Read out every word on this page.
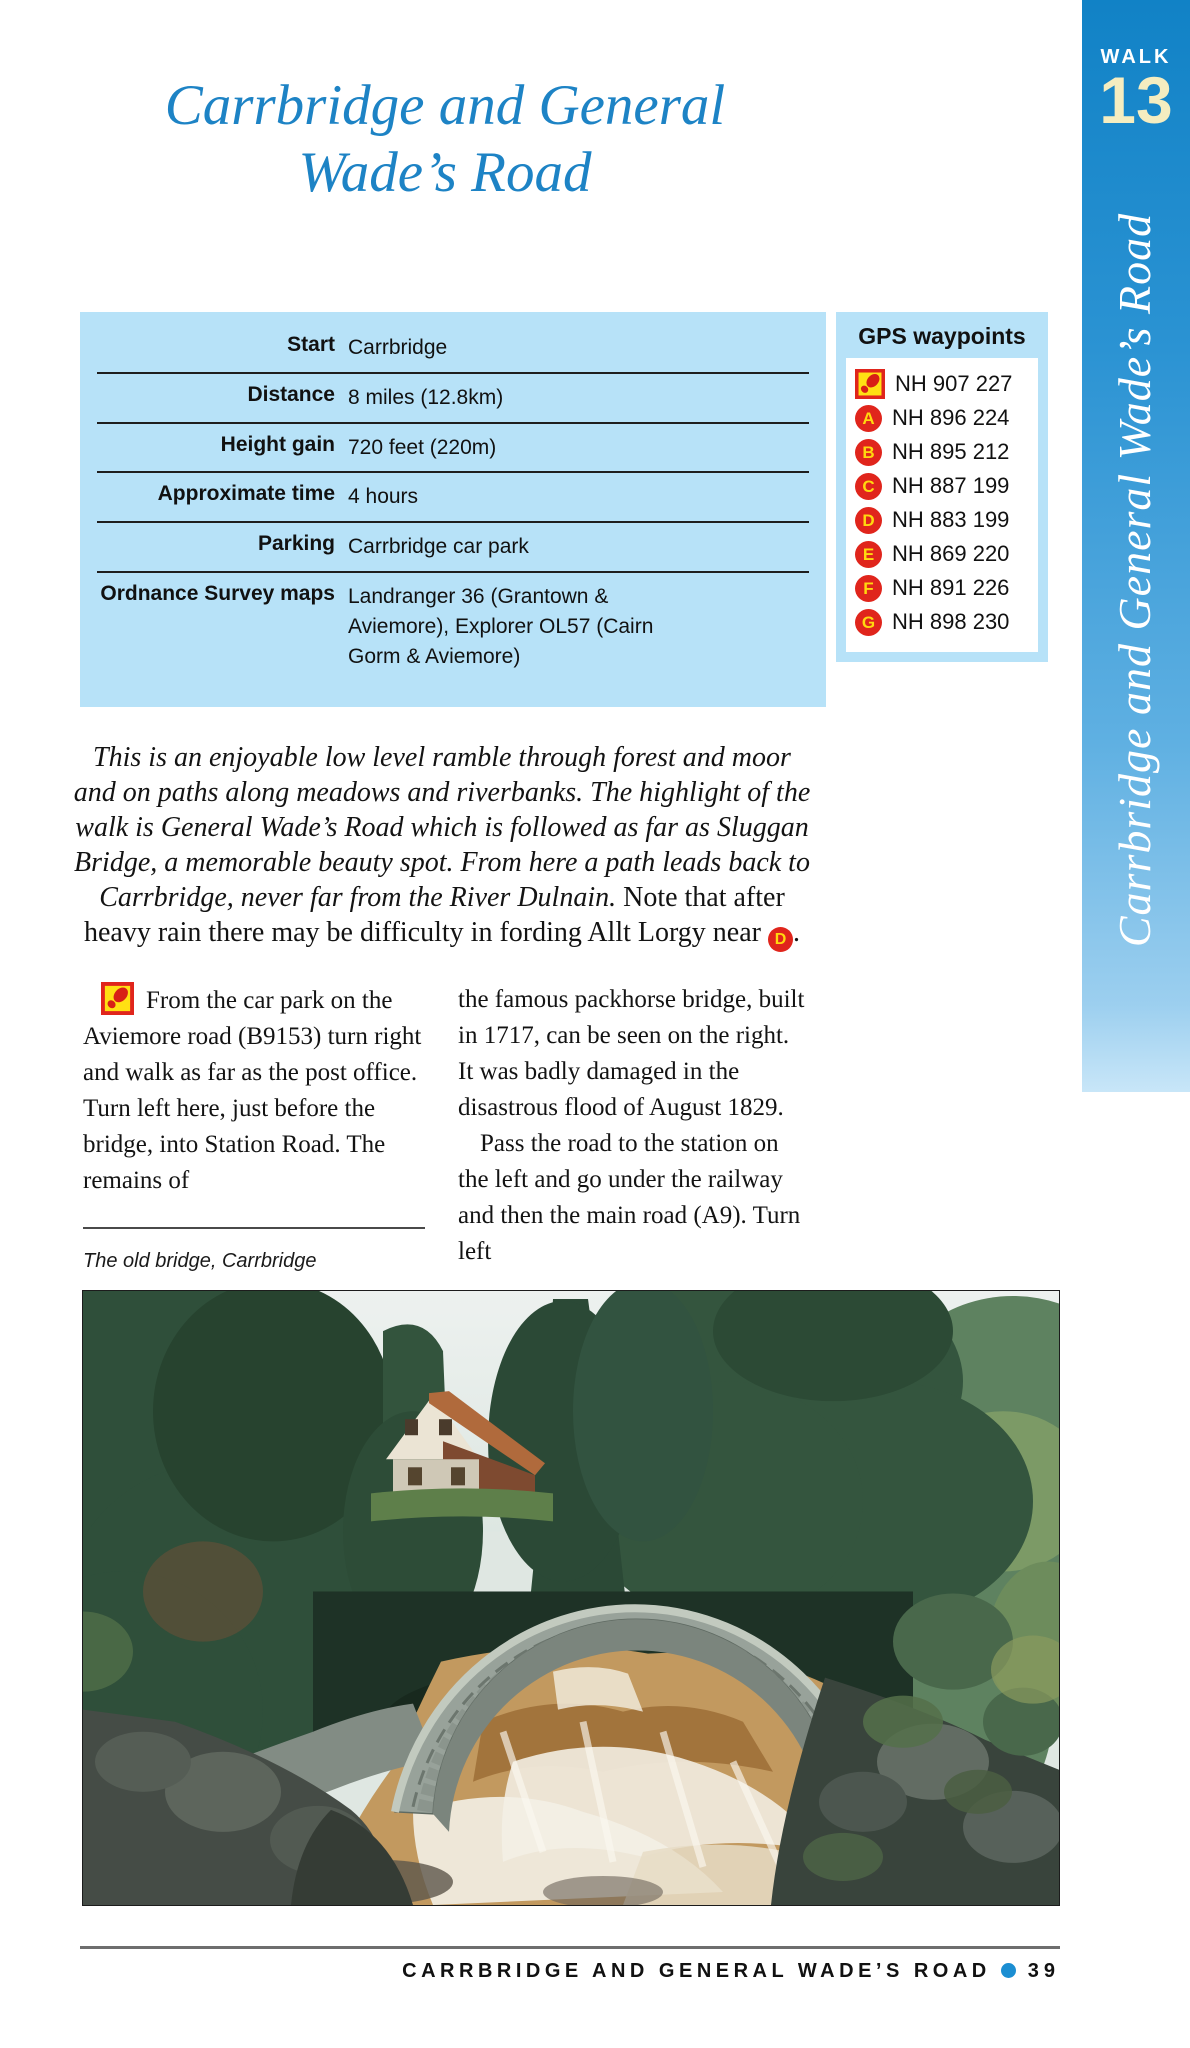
WALK
13
Carrbridge and General Wade’s Road
Carrbridge and General
Wade’s Road
Start Carrbridge
Distance 8 miles (12.8km)
Height gain 720 feet (220m)
Approximate time 4 hours
Parking Carrbridge car park
Ordnance Survey maps Landranger 36 (Grantown & Aviemore), Explorer OL57 (Cairn Gorm & Aviemore)
GPS waypoints
NH 907 227
A NH 896 224
B NH 895 212
C NH 887 199
D NH 883 199
E NH 869 220
F NH 891 226
G NH 898 230

This is an enjoyable low level ramble through forest and moor and on paths along meadows and riverbanks. The highlight of the walk is General Wade’s Road which is followed as far as Sluggan Bridge, a memorable beauty spot. From here a path leads back to Carrbridge, never far from the River Dulnain. Note that after heavy rain there may be difficulty in fording Allt Lorgy near D .

From the car park on the Aviemore road (B9153) turn right and walk as far as the post office. Turn left here, just before the bridge, into Station Road. The remains of

The old bridge, Carrbridge

the famous packhorse bridge, built in 1717, can be seen on the right. It was badly damaged in the disastrous flood of August 1829.

Pass the road to the station on the left and go under the railway and then the main road (A9). Turn left

CARRBRIDGE AND GENERAL WADE’S ROAD 39
